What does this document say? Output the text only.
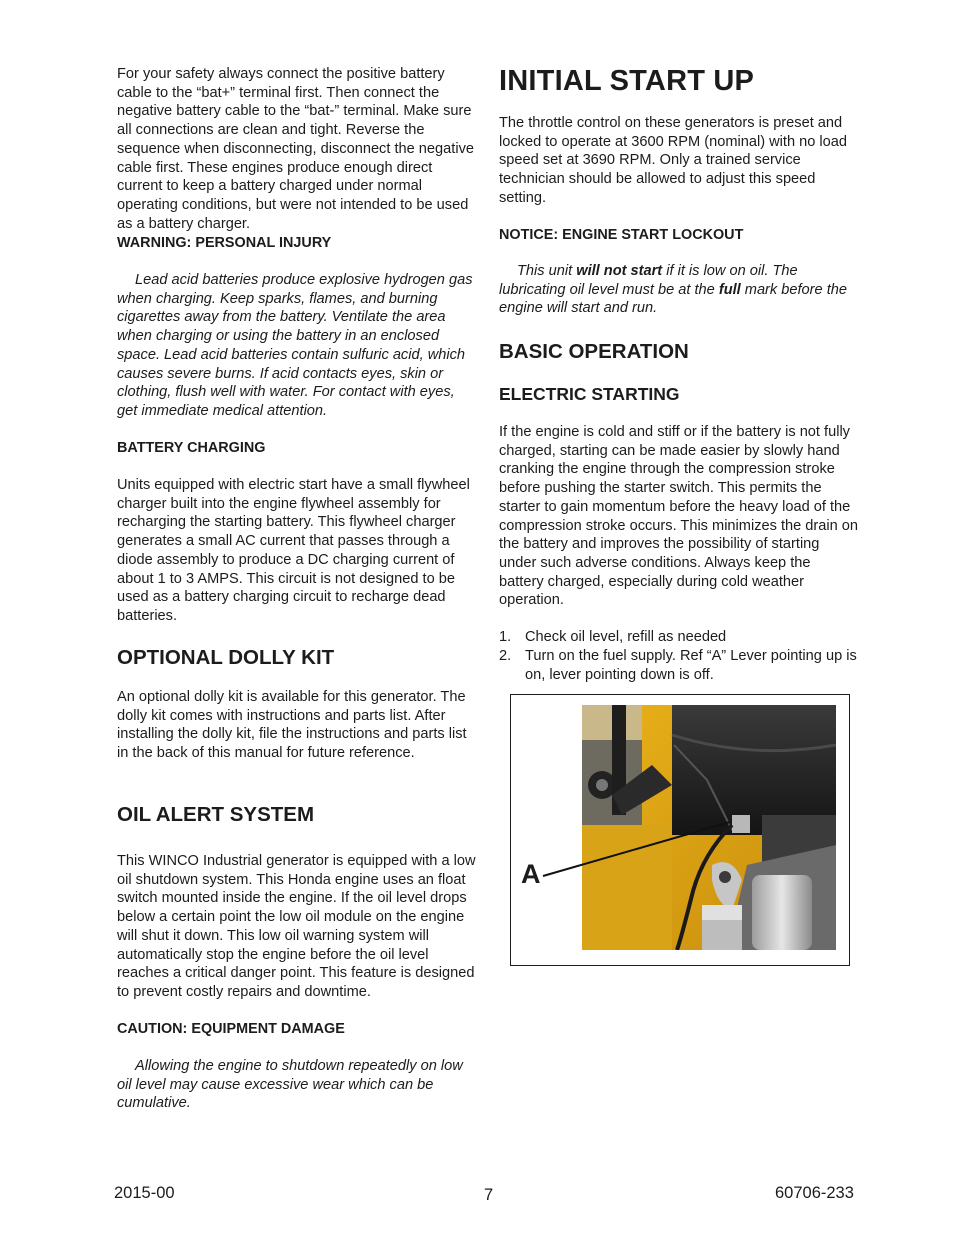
For your safety always connect the positive battery cable to the “bat+” terminal first. Then connect the negative battery cable to the “bat-” terminal. Make sure all connections are clean and tight. Reverse the sequence when disconnecting, disconnect the negative cable first. These engines produce enough direct current to keep a battery charged under normal operating conditions, but were not intended to be used as a battery charger.

WARNING: PERSONAL INJURY

Lead acid batteries produce explosive hydrogen gas when charging. Keep sparks, flames, and burning cigarettes away from the battery. Ventilate the area when charging or using the battery in an enclosed space. Lead acid batteries contain sulfuric acid, which causes severe burns. If acid contacts eyes, skin or clothing, flush well with water. For contact with eyes, get immediate medical attention.

BATTERY CHARGING

Units equipped with electric start have a small flywheel charger built into the engine flywheel assembly for recharging the starting battery. This flywheel charger generates a small AC current that passes through a diode assembly to produce a DC charging current of about 1 to 3 AMPS. This circuit is not designed to be used as a battery charging circuit to recharge dead batteries.

OPTIONAL DOLLY KIT

An optional dolly kit is available for this generator. The dolly kit comes with instructions and parts list. After installing the dolly kit, file the instructions and parts list in the back of this manual for future reference.

OIL ALERT SYSTEM

This WINCO Industrial generator is equipped with a low oil shutdown system. This Honda engine uses an float switch mounted inside the engine. If the oil level drops below a certain point the low oil module on the engine will shut it down. This low oil warning system will automatically stop the engine before the oil level reaches a critical danger point. This feature is designed to prevent costly repairs and downtime.

CAUTION: EQUIPMENT DAMAGE

Allowing the engine to shutdown repeatedly on low oil level may cause excessive wear which can be cumulative.

INITIAL START UP

The throttle control on these generators is preset and locked to operate at 3600 RPM (nominal) with no load speed set at 3690 RPM. Only a trained service technician should be allowed to adjust this speed setting.

NOTICE: ENGINE START LOCKOUT

This unit will not start if it is low on oil. The lubricating oil level must be at the full mark before the engine will start and run.

BASIC OPERATION
ELECTRIC STARTING

If the engine is cold and stiff or if the battery is not fully charged, starting can be made easier by slowly hand cranking the engine through the compression stroke before pushing the starter switch. This permits the starter to gain momentum before the heavy load of the compression stroke occurs. This minimizes the drain on the battery and improves the possibility of starting under such adverse conditions. Always keep the battery charged, especially during cold weather operation.

1. Check oil level, refill as needed
2. Turn on the fuel supply. Ref “A” Lever pointing up is on, lever pointing down is off.
A

2015-00	7	60706-233
